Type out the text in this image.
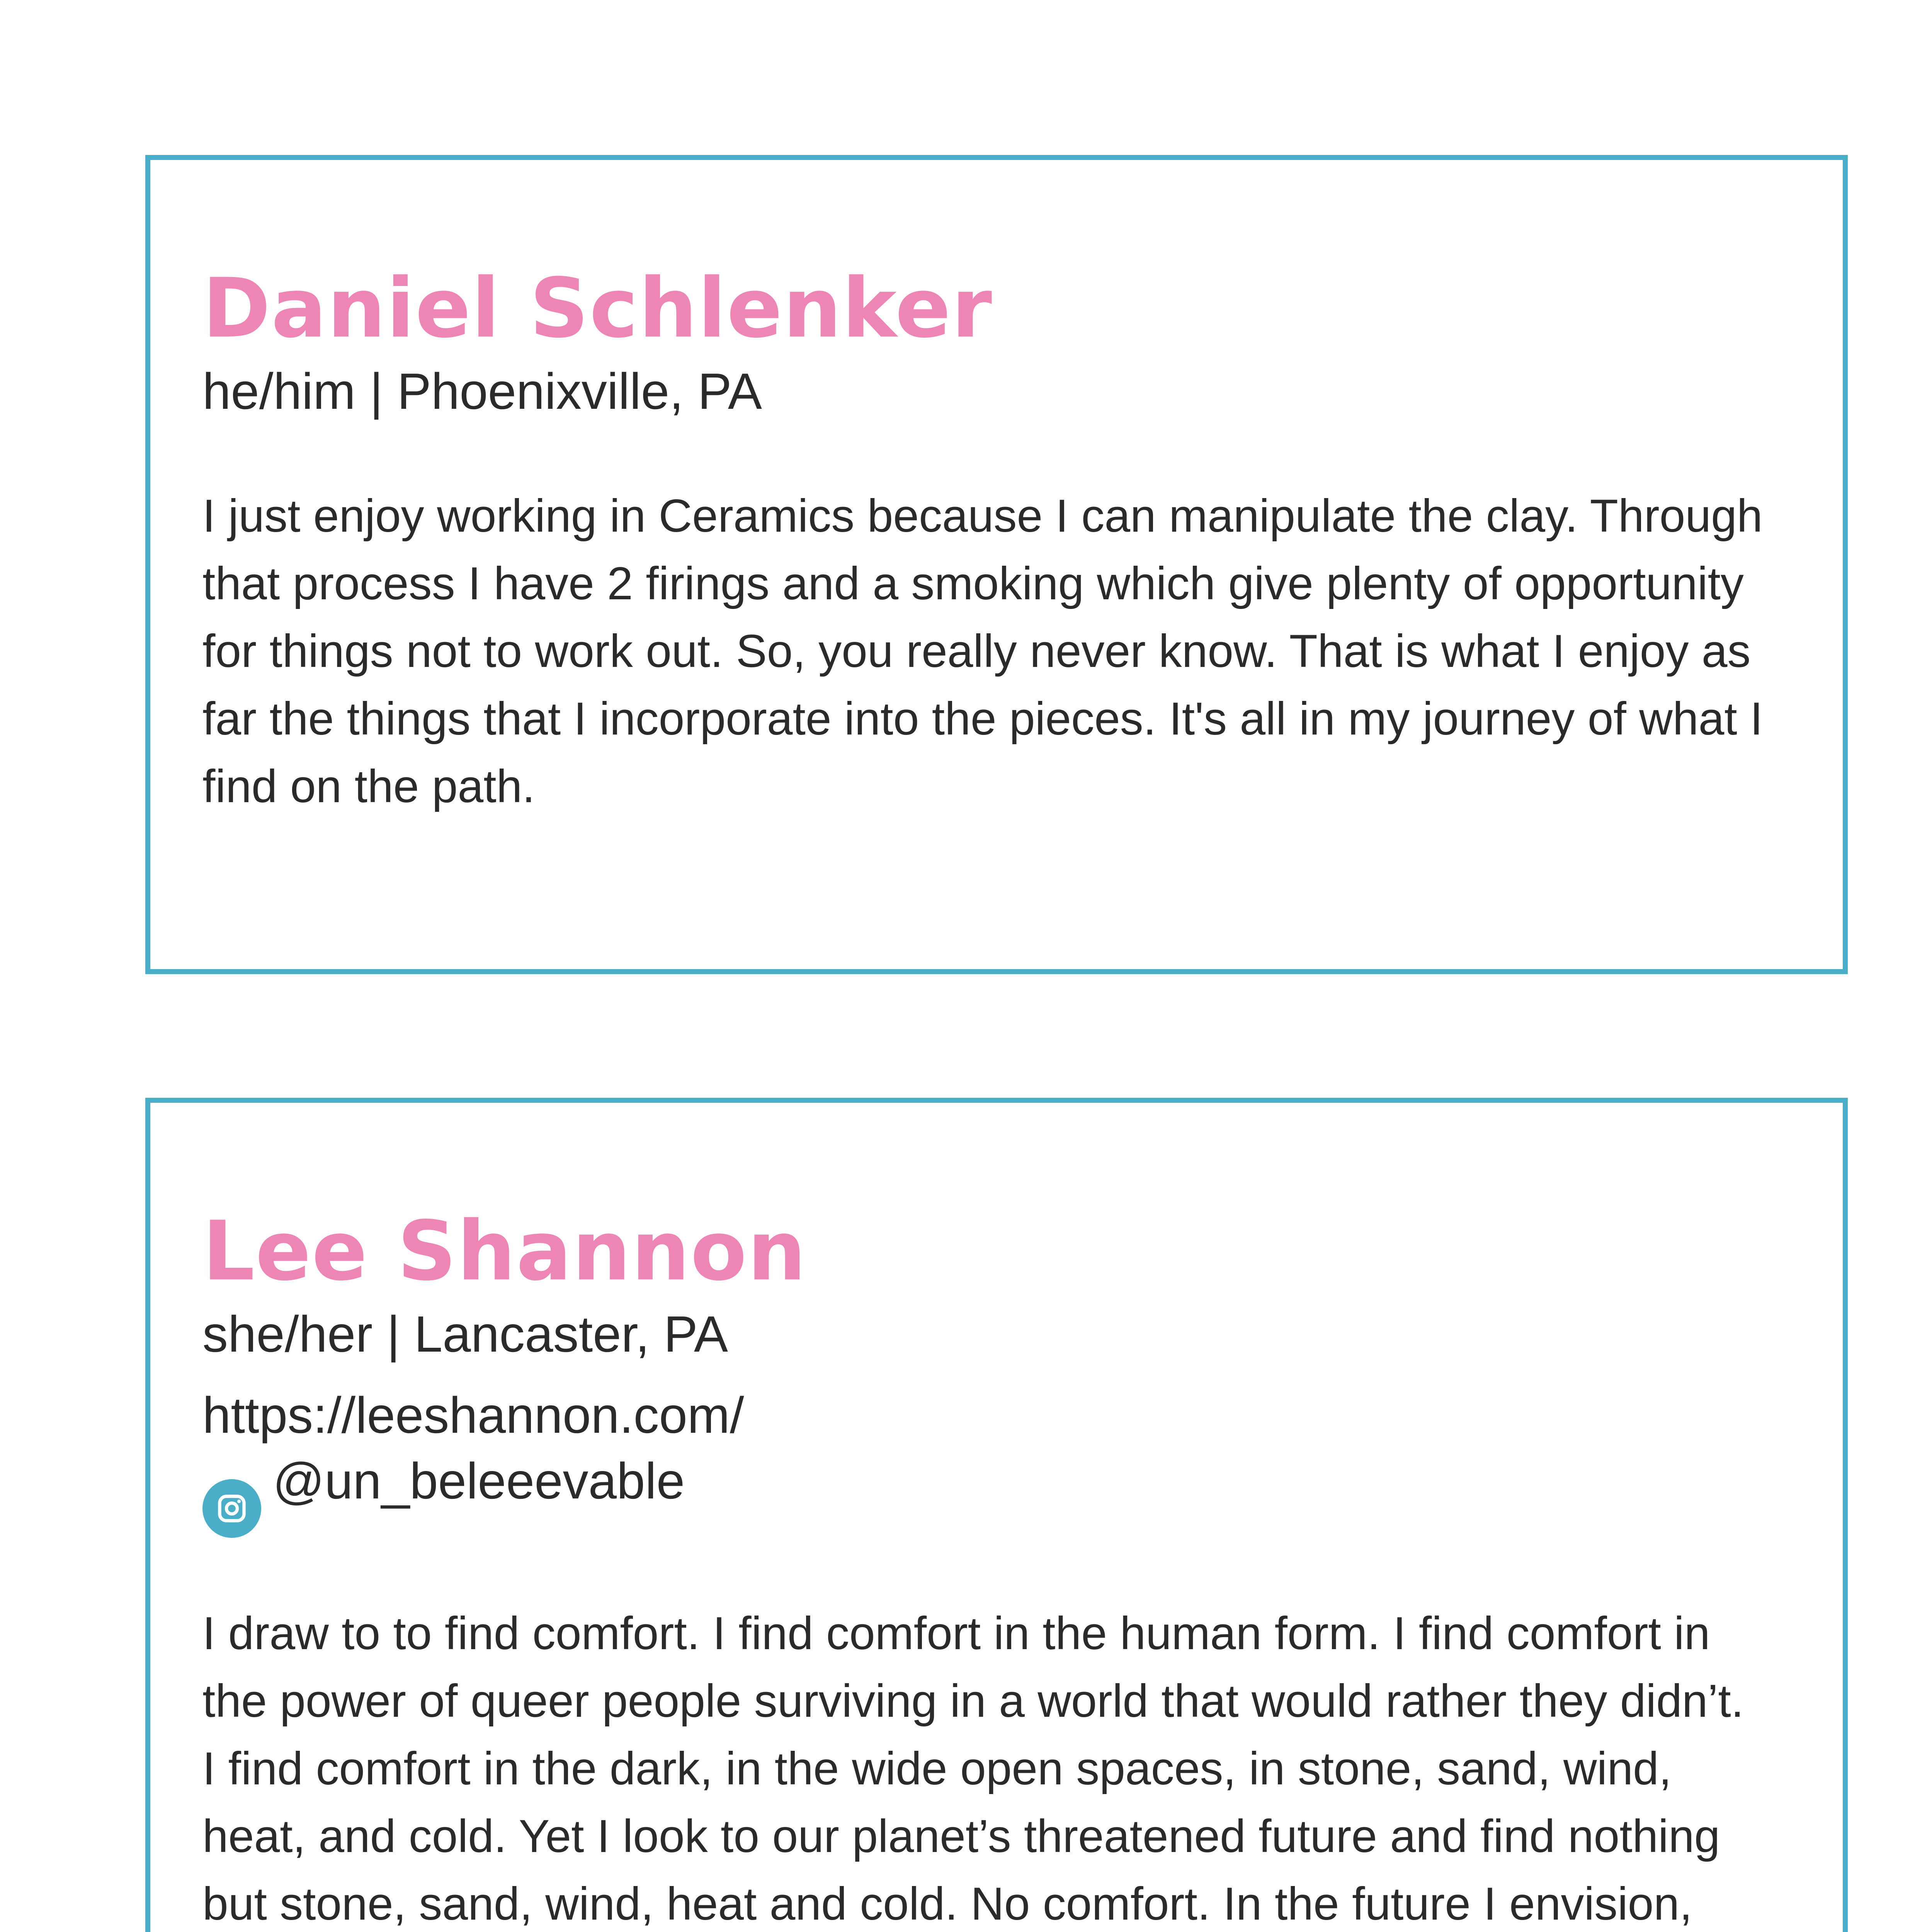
Daniel Schlenker

he/him | Phoenixville, PA

I just enjoy working in Ceramics because I can manipulate the clay. Through that process I have 2 firings and a smoking which give plenty of opportunity for things not to work out. So, you really never know. That is what I enjoy as far the things that I incorporate into the pieces. It's all in my journey of what I find on the path.

Lee Shannon

she/her | Lancaster, PA

https://leeshannon.com/

@un_beleeevable

I draw to to find comfort. I find comfort in the human form. I find comfort in the power of queer people surviving in a world that would rather they didn’t. I find comfort in the dark, in the wide open spaces, in stone, sand, wind, heat, and cold. Yet I look to our planet’s threatened future and find nothing but stone, sand, wind, heat and cold. No comfort. In the future I envision,
